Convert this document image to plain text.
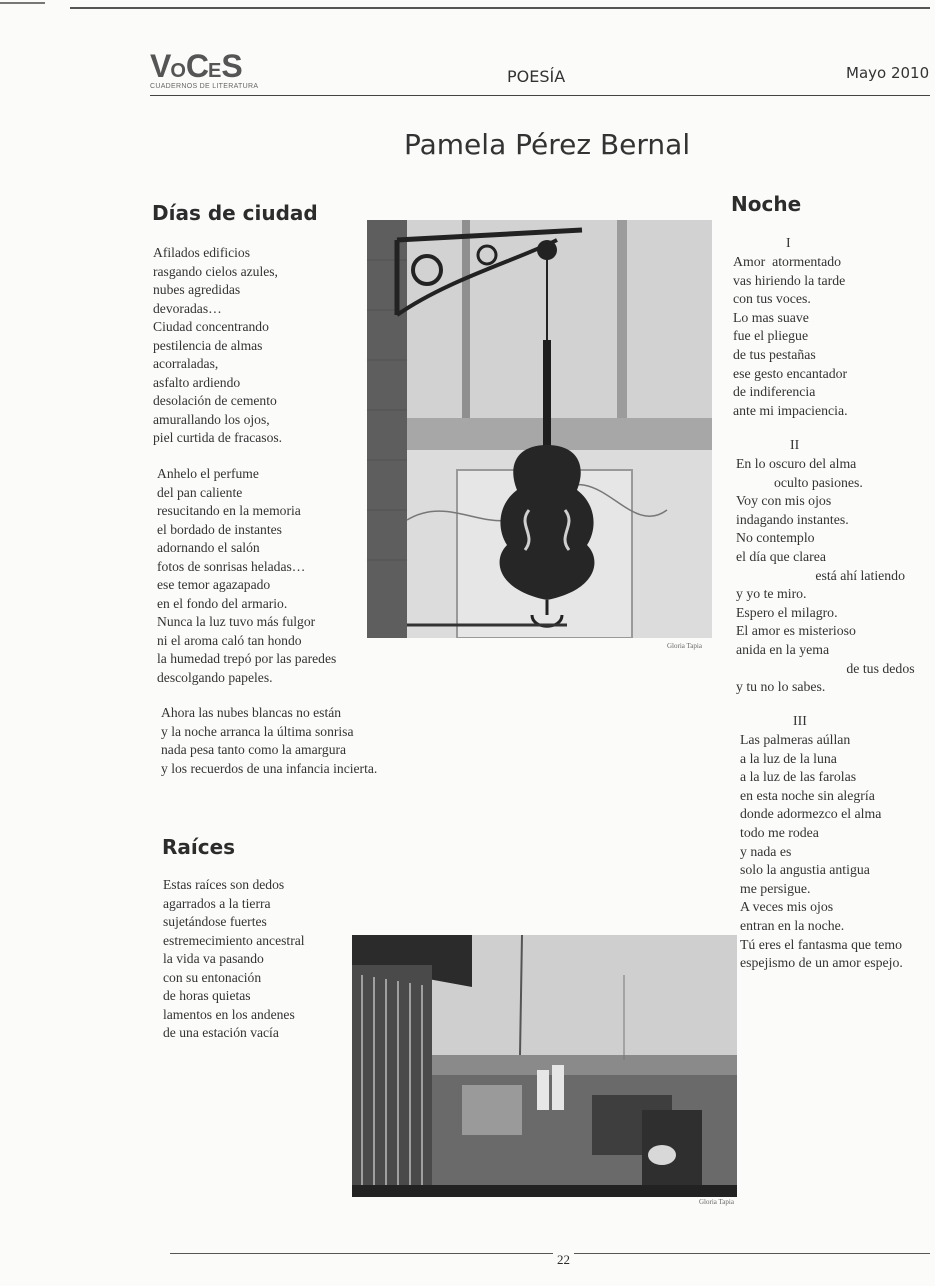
VOCES
CUADERNOS DE LITERATURA
POESÍA	Mayo 2010
Pamela Pérez Bernal
Días de ciudad
Afilados edificios
rasgando cielos azules,
nubes agredidas
devoradas…
Ciudad concentrando
pestilencia de almas
acorraladas,
asfalto ardiendo
desolación de cemento
amurallando los ojos,
piel curtida de fracasos.
Anhelo el perfume
del pan caliente
resucitando en la memoria
el bordado de instantes
adornando el salón
fotos de sonrisas heladas…
ese temor agazapado
en el fondo del armario.
Nunca la luz tuvo más fulgor
ni el aroma caló tan hondo
la humedad trepó por las paredes
descolgando papeles.
Ahora las nubes blancas no están
y la noche arranca la última sonrisa
nada pesa tanto como la amargura
y los recuerdos de una infancia incierta.
Gloria Tapia
Raíces
Estas raíces son dedos
agarrados a la tierra
sujetándose fuertes
estremecimiento ancestral
la vida va pasando
con su entonación
de horas quietas
lamentos en los andenes
de una estación vacía
Gloria Tapia
Noche
I
Amor  atormentado
vas hiriendo la tarde
con tus voces.
Lo mas suave
fue el pliegue
de tus pestañas
ese gesto encantador
de indiferencia
ante mi impaciencia.
II
En lo oscuro del alma
oculto pasiones.
Voy con mis ojos
indagando instantes.
No contemplo
el día que clarea
está ahí latiendo
y yo te miro.
Espero el milagro.
El amor es misterioso
anida en la yema
de tus dedos
y tu no lo sabes.
III
Las palmeras aúllan
a la luz de la luna
a la luz de las farolas
en esta noche sin alegría
donde adormezco el alma
todo me rodea
y nada es
solo la angustia antigua
me persigue.
A veces mis ojos
entran en la noche.
Tú eres el fantasma que temo
espejismo de un amor espejo.
22
